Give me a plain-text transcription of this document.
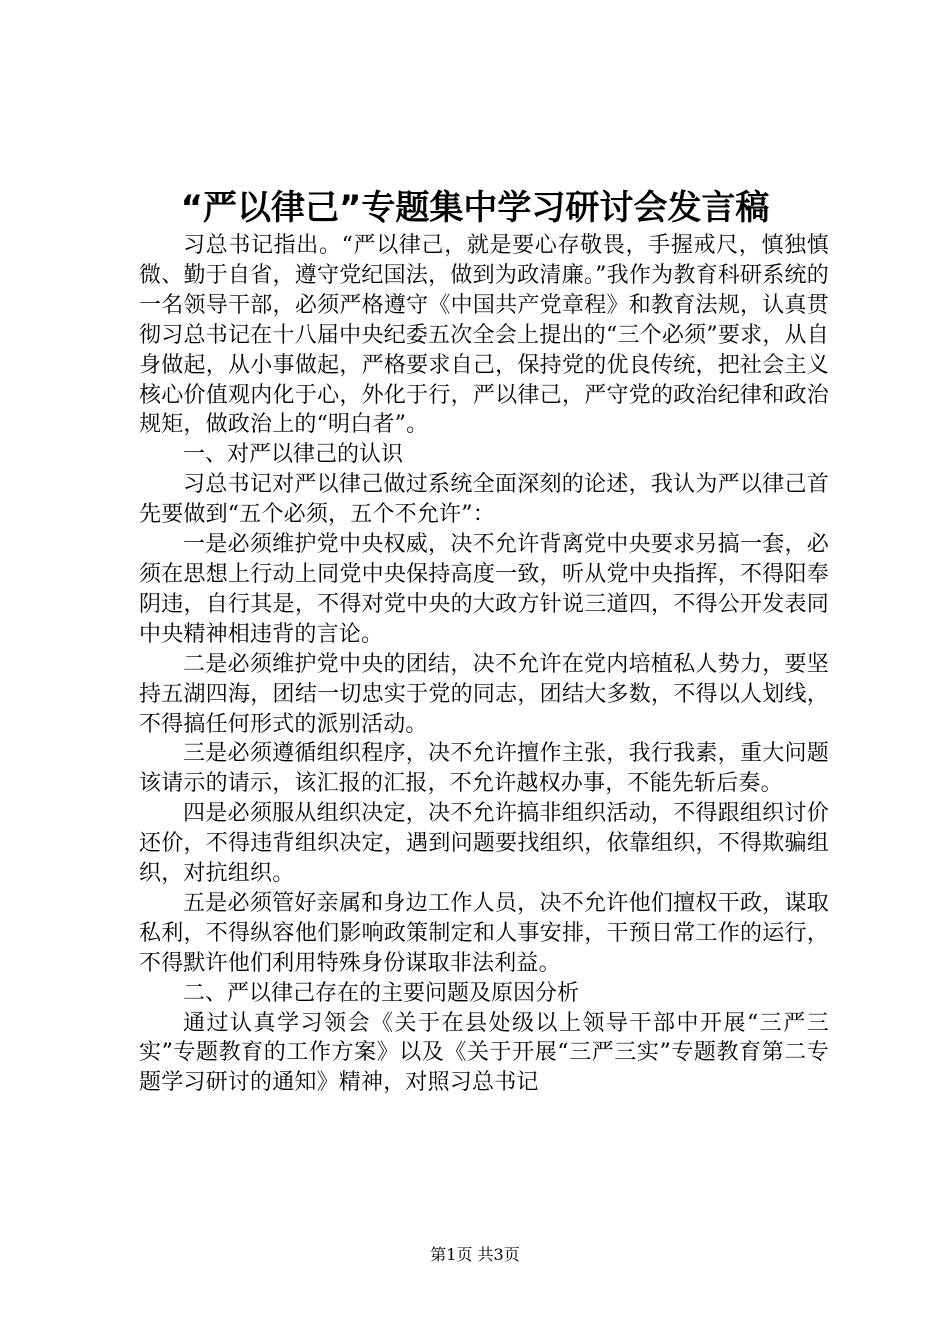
“严以律己”专题集中学习研讨会发言稿

习总书记指出。“严以律己，就是要心存敬畏，手握戒尺，慎独慎微、勤于自省，遵守党纪国法，做到为政清廉。”我作为教育科研系统的一名领导干部，必须严格遵守《中国共产党章程》和教育法规，认真贯彻习总书记在十八届中央纪委五次全会上提出的“三个必须”要求，从自身做起，从小事做起，严格要求自己，保持党的优良传统，把社会主义核心价值观内化于心，外化于行，严以律己，严守党的政治纪律和政治规矩，做政治上的“明白者”。

一、对严以律己的认识

习总书记对严以律己做过系统全面深刻的论述，我认为严以律己首先要做到“五个必须，五个不允许”：

一是必须维护党中央权威，决不允许背离党中央要求另搞一套，必须在思想上行动上同党中央保持高度一致，听从党中央指挥，不得阳奉阴违，自行其是，不得对党中央的大政方针说三道四，不得公开发表同中央精神相违背的言论。

二是必须维护党中央的团结，决不允许在党内培植私人势力，要坚持五湖四海，团结一切忠实于党的同志，团结大多数，不得以人划线，不得搞任何形式的派别活动。

三是必须遵循组织程序，决不允许擅作主张，我行我素，重大问题该请示的请示，该汇报的汇报，不允许越权办事，不能先斩后奏。

四是必须服从组织决定，决不允许搞非组织活动，不得跟组织讨价还价，不得违背组织决定，遇到问题要找组织，依靠组织，不得欺骗组织，对抗组织。

五是必须管好亲属和身边工作人员，决不允许他们擅权干政，谋取私利，不得纵容他们影响政策制定和人事安排，干预日常工作的运行，不得默许他们利用特殊身份谋取非法利益。

二、严以律己存在的主要问题及原因分析

通过认真学习领会《关于在县处级以上领导干部中开展“三严三实”专题教育的工作方案》以及《关于开展“三严三实”专题教育第二专题学习研讨的通知》精神，对照习总书记

第1页 共3页
